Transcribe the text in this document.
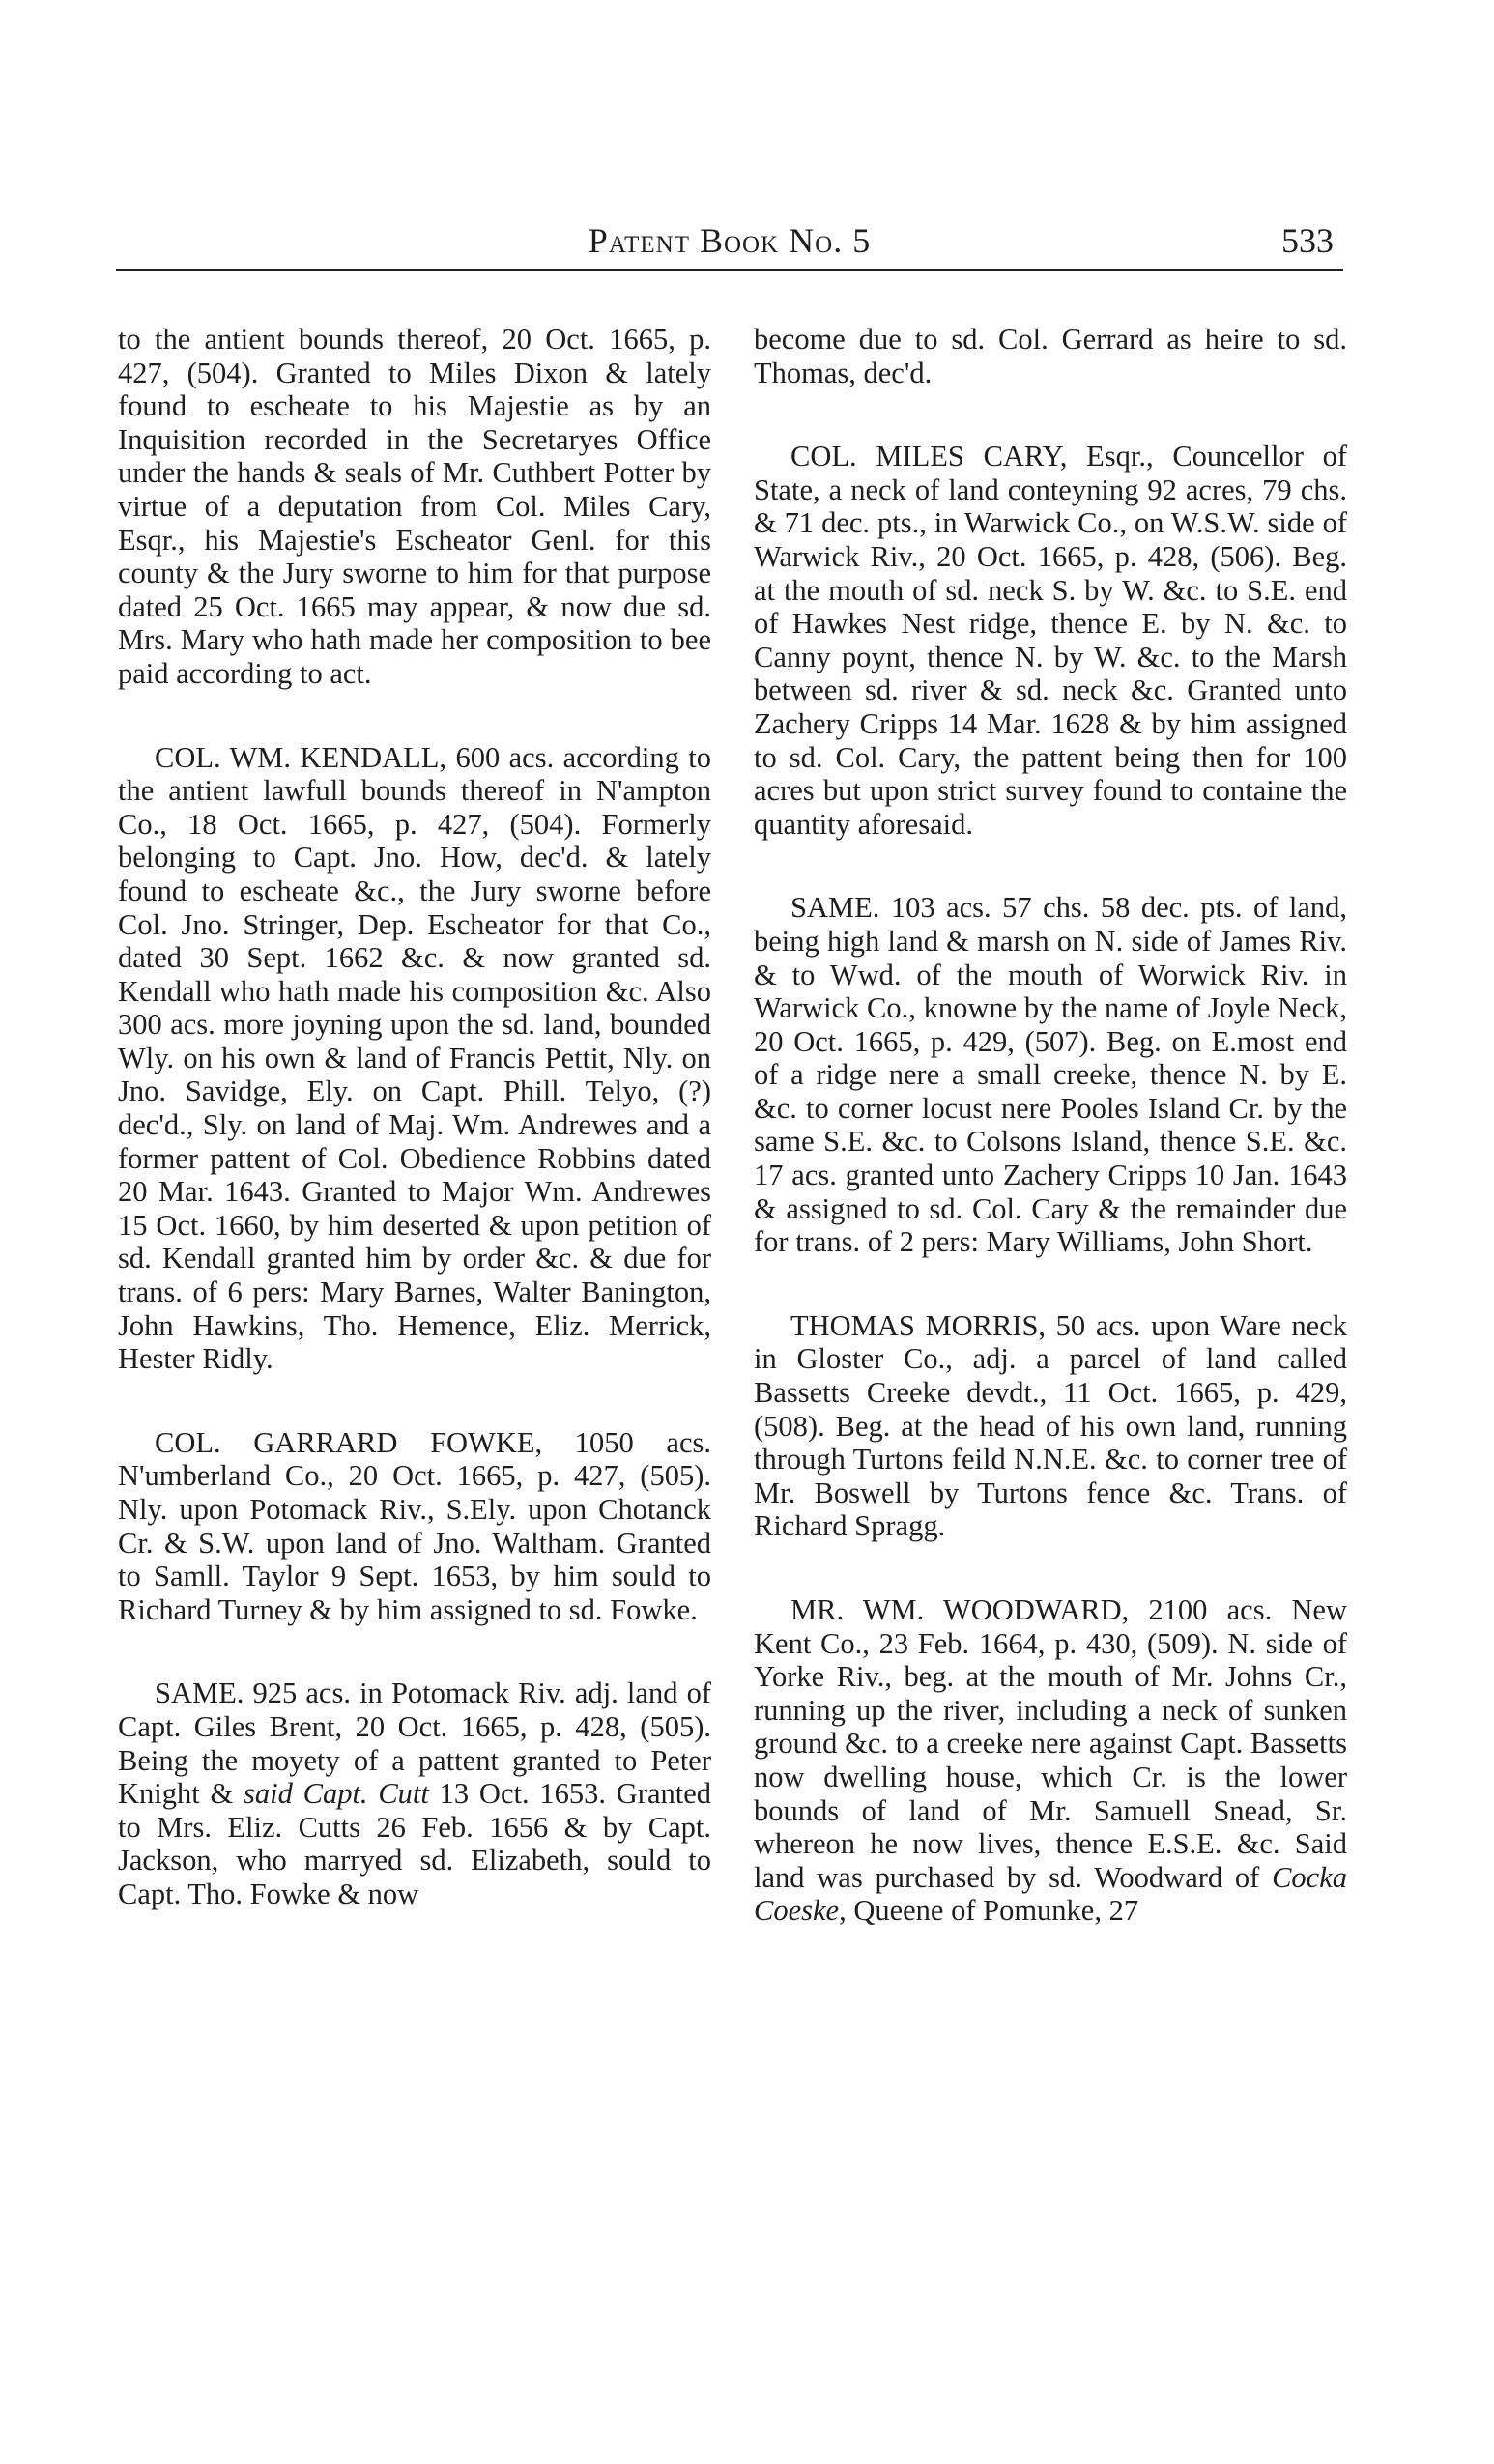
Patent Book No. 5	533

to the antient bounds thereof, 20 Oct. 1665, p. 427, (504). Granted to Miles Dixon & lately found to escheate to his Majestie as by an Inquisition recorded in the Secretaryes Office under the hands & seals of Mr. Cuthbert Potter by virtue of a deputation from Col. Miles Cary, Esqr., his Majestie's Escheator Genl. for this county & the Jury sworne to him for that purpose dated 25 Oct. 1665 may appear, & now due sd. Mrs. Mary who hath made her composition to bee paid according to act.

COL. WM. KENDALL, 600 acs. according to the antient lawfull bounds thereof in N'ampton Co., 18 Oct. 1665, p. 427, (504). Formerly belonging to Capt. Jno. How, dec'd. & lately found to escheate &c., the Jury sworne before Col. Jno. Stringer, Dep. Escheator for that Co., dated 30 Sept. 1662 &c. & now granted sd. Kendall who hath made his composition &c. Also 300 acs. more joyning upon the sd. land, bounded Wly. on his own & land of Francis Pettit, Nly. on Jno. Savidge, Ely. on Capt. Phill. Telyo, (?) dec'd., Sly. on land of Maj. Wm. Andrewes and a former pattent of Col. Obedience Robbins dated 20 Mar. 1643. Granted to Major Wm. Andrewes 15 Oct. 1660, by him deserted & upon petition of sd. Kendall granted him by order &c. & due for trans. of 6 pers: Mary Barnes, Walter Banington, John Hawkins, Tho. Hemence, Eliz. Merrick, Hester Ridly.

COL. GARRARD FOWKE, 1050 acs. N'umberland Co., 20 Oct. 1665, p. 427, (505). Nly. upon Potomack Riv., S.Ely. upon Chotanck Cr. & S.W. upon land of Jno. Waltham. Granted to Samll. Taylor 9 Sept. 1653, by him sould to Richard Turney & by him assigned to sd. Fowke.

SAME. 925 acs. in Potomack Riv. adj. land of Capt. Giles Brent, 20 Oct. 1665, p. 428, (505). Being the moyety of a pattent granted to Peter Knight & said Capt. Cutt 13 Oct. 1653. Granted to Mrs. Eliz. Cutts 26 Feb. 1656 & by Capt. Jackson, who marryed sd. Elizabeth, sould to Capt. Tho. Fowke & now

become due to sd. Col. Gerrard as heire to sd. Thomas, dec'd.

COL. MILES CARY, Esqr., Councellor of State, a neck of land conteyning 92 acres, 79 chs. & 71 dec. pts., in Warwick Co., on W.S.W. side of Warwick Riv., 20 Oct. 1665, p. 428, (506). Beg. at the mouth of sd. neck S. by W. &c. to S.E. end of Hawkes Nest ridge, thence E. by N. &c. to Canny poynt, thence N. by W. &c. to the Marsh between sd. river & sd. neck &c. Granted unto Zachery Cripps 14 Mar. 1628 & by him assigned to sd. Col. Cary, the pattent being then for 100 acres but upon strict survey found to containe the quantity aforesaid.

SAME. 103 acs. 57 chs. 58 dec. pts. of land, being high land & marsh on N. side of James Riv. & to Wwd. of the mouth of Worwick Riv. in Warwick Co., knowne by the name of Joyle Neck, 20 Oct. 1665, p. 429, (507). Beg. on E.most end of a ridge nere a small creeke, thence N. by E. &c. to corner locust nere Pooles Island Cr. by the same S.E. &c. to Colsons Island, thence S.E. &c. 17 acs. granted unto Zachery Cripps 10 Jan. 1643 & assigned to sd. Col. Cary & the remainder due for trans. of 2 pers: Mary Williams, John Short.

THOMAS MORRIS, 50 acs. upon Ware neck in Gloster Co., adj. a parcel of land called Bassetts Creeke devdt., 11 Oct. 1665, p. 429, (508). Beg. at the head of his own land, running through Turtons feild N.N.E. &c. to corner tree of Mr. Boswell by Turtons fence &c. Trans. of Richard Spragg.

MR. WM. WOODWARD, 2100 acs. New Kent Co., 23 Feb. 1664, p. 430, (509). N. side of Yorke Riv., beg. at the mouth of Mr. Johns Cr., running up the river, including a neck of sunken ground &c. to a creeke nere against Capt. Bassetts now dwelling house, which Cr. is the lower bounds of land of Mr. Samuell Snead, Sr. whereon he now lives, thence E.S.E. &c. Said land was purchased by sd. Woodward of Cocka Coeske, Queene of Pomunke, 27
